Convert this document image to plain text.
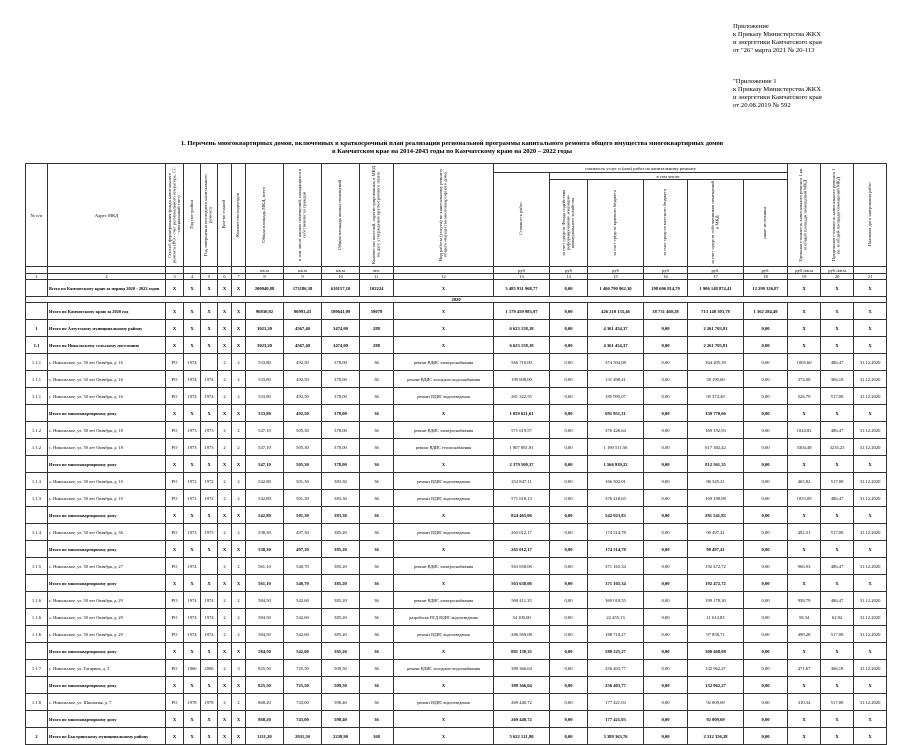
Приложение
к Приказу Министерства ЖКХ
и энергетики Камчатского края
от "26" марта 2021 № 20-113
"Приложение 1
к Приказу Министерства ЖКХ
и энергетики Камчатского края
от 20.08.2019 № 592
1. Перечень многоквартирных домов, включенных в краткосрочный план реализации региональной программы капитального ремонта общего имущества многоквартирных домов
в Камчатском крае на 2014-2043 годы по Камчатскому краю на 2020 – 2022 годы
№ п/п	Адрес МКД	Способ формирования фонда капитального ремонта (РО - счет регионального оператора, СС - специальный счет)	Год постройки	Год завершения последнего капитального ремонта	Кол-во этажей	Количество подъездов	Общая площадь МКД, всего	в том числе жилых помещений, находящихся в собственности граждан	Общая площадь жилых помещений	Количество жителей, зарегистрированных в МКД на дату утверждения краткосрочного плана	Вид работы (услуги) по капитальному ремонту общего имущества многоквартирного дома	стоимость услуг и (или) работ по капитальному ремонту						Удельная стоимость капитального ремонта 1 кв. м общей площади помещений МКД	Предельная стоимость капитального ремонта 1 кв. м общей площади помещений МКД	Плановая дата завершения работ
												Стоимость работ	в том числе:							
													за счет средств Фонда содействия реформированию жилищно-коммунального хозяйства	за счет средств краевого бюджета	за счет средств местного бюджета	за счет средств собственников помещений в МКД	иные источники			
							кв.м	кв.м	кв.м	чел.		руб	руб	руб	руб	руб.	руб.	руб./кв.м	руб./кв.м	
1	2	3	4	5	6	7	8	9	10	11	12	13	14	15	16	17	18	19	20	21
	Всего по Камчатскому краю за период 2020 - 2022 годов	X	X	X	X	X	200040,88	173186,38	610157,10	102224	X	3 485 931 968,77	0,00	1 406 790 962,30	198 606 814,79	1 906 148 874,41	12 299 326,87	X	X	X
2020																				
	Итого по Камчатскому краю за 2020 год	X	X	X	X	X	96830,82	86993,43	180641,09	59078	X	1 179 459 983,97	0,00	426 210 135,46	38 731 460,28	713 148 303,78	1 362 284,49	X	X	X
1	Итого по Алеутскому муниципальному району	X	X	X	X	X	3023,20	4567,40	3474,00	288	X	6 623 158,18	0,00	4 361 454,37	0,00	2 261 703,81	0,00	X	X	X
1.1	Итого по Никольскому сельскому поселению	X	X	X	X	X	3023,20	4567,40	3474,00	288	X	6 623 158,18	0,00	4 361 454,37	0,00	2 261 703,81	0,00	X	X	X
1.1.1	с. Никольское, ул. 50 лет Октября, д. 16	РО	1974		2	2	533,80	492,50	378,00	36	ремонт ВДИС электроснабжения	566 710,00	0,00	374 504,08	0,00	164 205,39	0,00	1065,60	486,47	31.12.2020
1.1.1	с. Никольское, ул. 50 лет Октября, д. 16	РО	1974	1974	2	2	533,80	492,50	378,00	36	ремонт ВДИС холодного водоснабжения	199 608,00	0,00	131 498,41	0,00	58 190,60	0,00	374,08	366,18	31.12.2020
1.1.1	с. Никольское, ул. 50 лет Октября, д. 16	РО	1974	1974	2	2	533,80	492,50	378,00	36	ремонт ВДИС водоотведения	281 322,55	0,00	185 995,07	0,00	95 374,49	0,00	526,79	517,08	31.12.2020
	Итого по многоквартирному дому	X	X	X	X	X	533,80	492,50	378,00	36	X	1 059 621,61	0,00	691 951,31	0,00	350 770,66	0,00	X	X	X
1.1.2	с. Никольское, ул. 50 лет Октября, д. 18	РО	1973	1973	2	2	547,10	505,30	378,00	36	ремонт ВДИС электроснабжения	571 619,57	0,00	376 426,64	0,00	169 192,93	0,00	1044,82	486,47	31.12.2020
1.1.2	с. Никольское, ул. 50 лет Октября, д. 18	РО	1973	1973	2	2	547,10	505,30	378,00	36	ремонт ВДИС теплоснабжения	1 807 881,81	0,00	1 190 511,56	0,00	617 382,42	0,00	3304,48	3235,25	31.12.2020
	Итого по многоквартирному дому	X	X	X	X	X	547,10	505,30	378,00	36	X	2 379 500,37	0,00	1 566 939,22	0,00	812 561,35	0,00	X	X	X
1.1.3	с. Никольское, ул. 50 лет Октября, д. 10	РО	1972	1972	2	2	542,80	501,30	383,30	36	ремонт ВДИС водоотведения	252 847,11	0,00	166 502,01	0,00	86 345,21	0,00	465,82	517,08	31.12.2020
1.1.3	с. Никольское, ул. 50 лет Октября, д. 10	РО	1972	1972	2	2	542,80	501,30	383,30	36	ремонт ВДИС водоотведения	571 618,13	0,00	376 418,65	0,00	169 198,98	0,00	1053,09	486,47	31.12.2020
	Итого по многоквартирному дому	X	X	X	X	X	542,80	501,30	383,30	36	X	824 465,06	0,00	542 923,83	0,00	281 541,83	0,00	X	X	X
1.1.4	с. Никольское, ул. 50 лет Октября, д. 36	РО	1973	1975	2	2	538,30	497,30	385,20	36	ремонт ВДИС водоотведения	265 012,17	0,00	174 514,78	0,00	90 497,41	0,00	492,31	517,08	31.12.2020
	Итого по многоквартирному дому	X	X	X	X	X	538,30	497,30	385,20	36	X	265 012,17	0,00	174 514,78	0,00	90 497,41	0,00	X	X	X
1.1.5	с. Никольское, ул. 50 лет Октября, д. 27	РО	1974		2	2	561,10	540,70	385,20	36	ремонт ВДИС электроснабжения	563 658,06	0,00	371 165,34	0,00	192 472,72	0,00	966,93	486,47	31.12.2020
	Итого по многоквартирному дому	X	X	X	X	X	561,10	540,70	385,20	36	X	563 638,06	0,00	371 165,34	0,00	192 472,72	0,00	X	X	X
1.1.6	с. Никольское, ул. 50 лет Октября, д. 29	РО	1974	1974	2	2	584,50	542,60	385,20	36	ремонт ВДИС электроснабжения	569 411,35	0,00	369 018,55	0,00	199 178,30	0,00	958,79	486,47	31.12.2020
1.1.6	с. Никольское, ул. 50 лет Октября, д. 29	РО	1974	1974	2	2	584,50	542,60	385,20	36	разработка ПСД ВДИС водоотведения	34 100,00	0,00	22 455,13	0,00	11 614,83	0,00	58,34	62,92	31.12.2020
1.1.6	с. Никольское, ул. 50 лет Октября, д. 29	РО	1974	1974	2	2	584,50	542,60	385,20	36	ремонт ВДИС водоотведения	286 569,08	0,00	188 710,27	0,00	97 858,71	0,00	490,28	517,08	31.12.2020
	Итого по многоквартирному дому	X	X	X	X	X	584,50	542,60	385,20	36	X	881 138,35	0,00	580 225,27	0,00	300 468,08	0,00	X	X	X
1.1.7	с. Никольское, ул. Гагарина, д. 5	РО	1966	2006	2	3	825,50	725,50	509,50	36	ремонт ВДИС холодного водоснабжения	389 366,04	0,00	256 403,77	0,00	132 962,27	0,00	471,67	366,18	31.12.2020
	Итого по многоквартирному дому	X	X	X	X	X	825,50	725,50	509,50	36	X	389 366,04	0,00	256 403,77	0,00	132 962,27	0,00	X	X	X
1.1.8	с. Никольское, ул. Школьная, д. 7	РО	1978	1978	2	2	868,20	743,00	598,40	36	ремонт ВДИС водоотведения	269 440,72	0,00	177 421,03	0,00	92 009,69	0,00	310,34	517,08	31.12.2020
	Итого по многоквартирному дому	X	X	X	X	X	868,20	743,00	598,40	36	X	269 440,72	0,00	177 421,03	0,00	92 009,69	0,00	X	X	X
2	Итого по Быстринскому муниципальному району	X	X	X	X	X	3111,20	2931,50	2238,90	168	X	5 622 121,80	0,00	3 389 363,76	0,00	2 312 356,28	0,00	X	X	X
